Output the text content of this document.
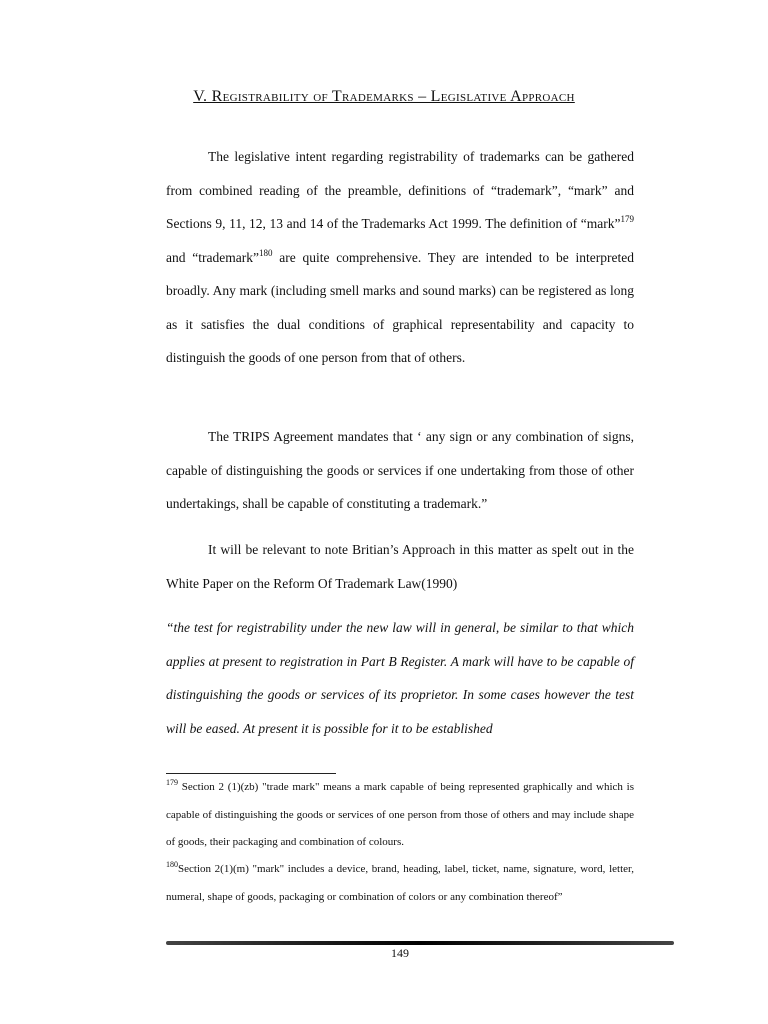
V. Registrability of Trademarks – Legislative Approach

The legislative intent regarding registrability of trademarks can be gathered from combined reading of the preamble, definitions of “trademark”, “mark” and Sections 9, 11, 12, 13 and 14 of the Trademarks Act 1999. The definition of “mark”$^{179}$ and “trademark”$^{180}$ are quite comprehensive. They are intended to be interpreted broadly. Any mark (including smell marks and sound marks) can be registered as long as it satisfies the dual conditions of graphical representability and capacity to distinguish the goods of one person from that of others.

The TRIPS Agreement mandates that ‘ any sign or any combination of signs, capable of distinguishing the goods or services if one undertaking from those of other undertakings, shall be capable of constituting a trademark.”

It will be relevant to note Britian’s Approach in this matter as spelt out in the White Paper on the Reform Of Trademark Law(1990)

“the test for registrability under the new law will in general, be similar to that which applies at present to registration in Part B Register. A mark will have to be capable of distinguishing the goods or services of its proprietor. In some cases however the test will be eased. At present it is possible for it to be established

$^{179}$ Section 2 (1)(zb) "trade mark" means a mark capable of being represented graphically and which is capable of distinguishing the goods or services of one person from those of others and may include shape of goods, their packaging and combination of colours.

$^{180}$Section 2(1)(m) "mark" includes a device, brand, heading, label, ticket, name, signature, word, letter, numeral, shape of goods, packaging or combination of colors or any combination thereof”

149
